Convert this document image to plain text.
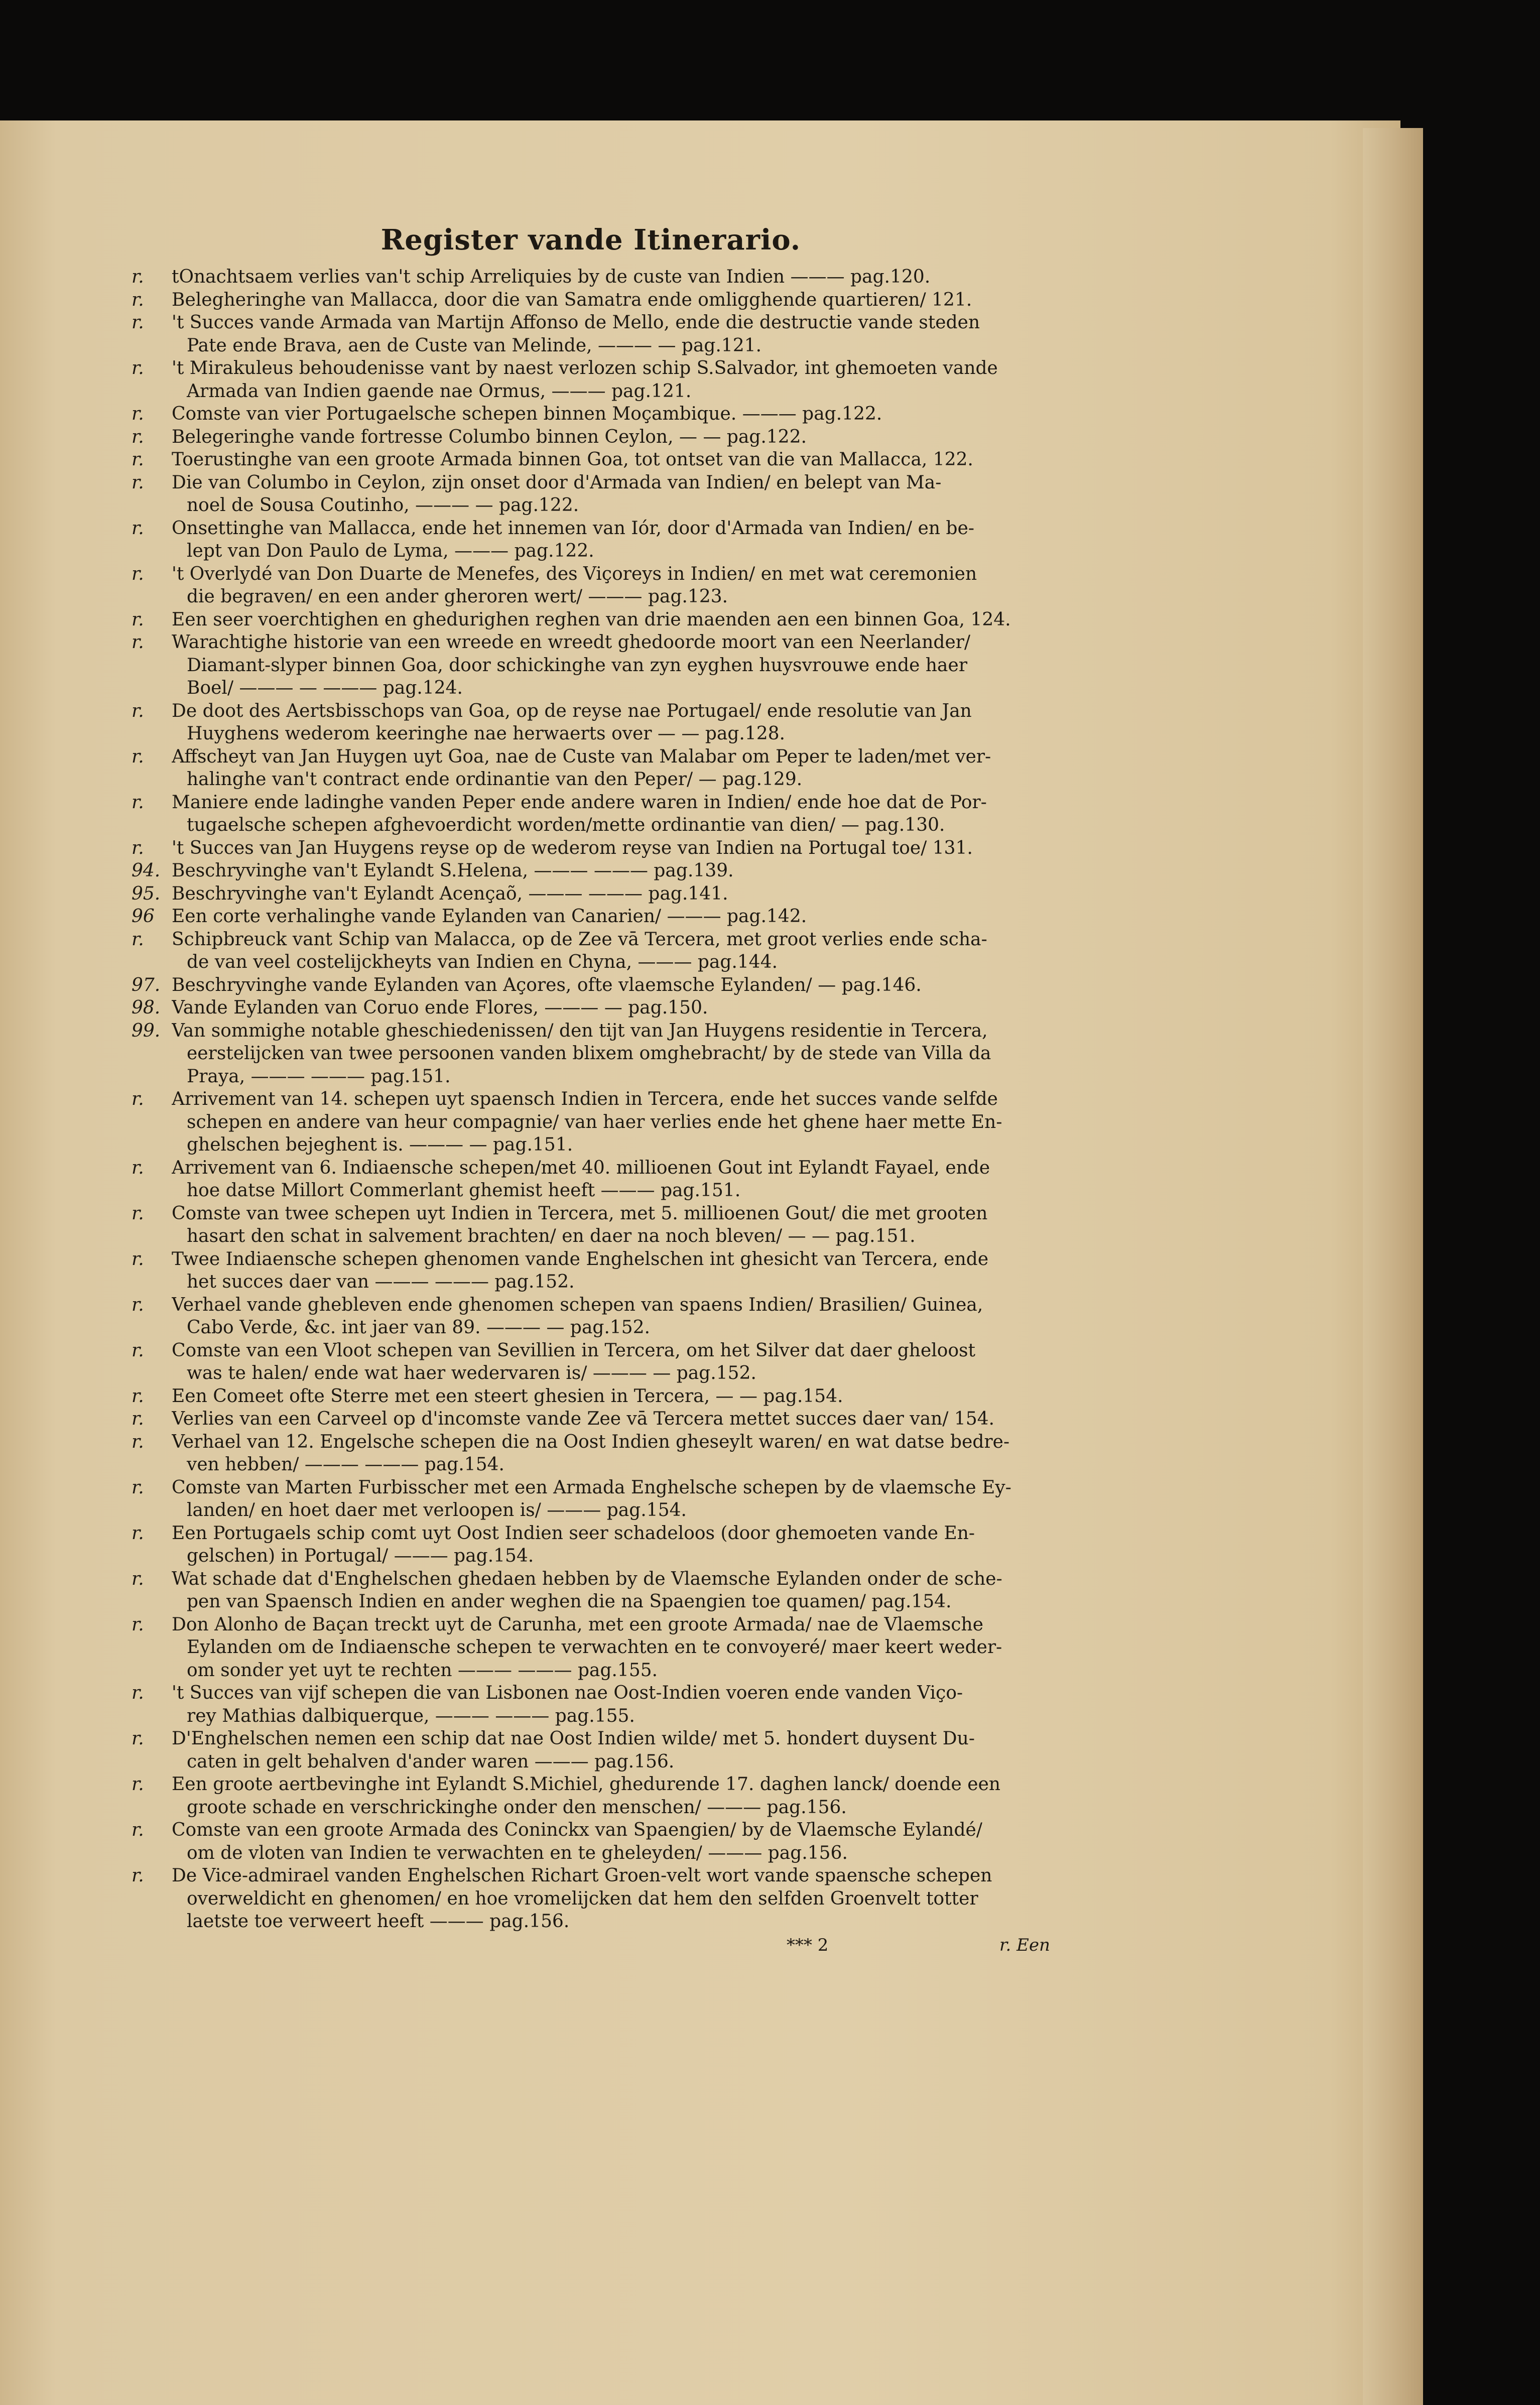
Register vande Itinerario.
r.	tOnachtsaem verlies van't schip Arreliquies by de custe van Indien ——— pag.120.
r.	Belegheringhe van Mallacca, door die van Samatra ende omligghende quartieren/ 121.
r.	't Succes vande Armada van Martijn Affonso de Mello, ende die destructie vande steden
Pate ende Brava, aen de Custe van Melinde, ——— — pag.121.
r.	't Mirakuleus behoudenisse vant by naest verlozen schip S.Salvador, int ghemoeten vande
Armada van Indien gaende nae Ormus, ——— pag.121.
r.	Comste van vier Portugaelsche schepen binnen Moçambique. ——— pag.122.
r.	Belegeringhe vande fortresse Columbo binnen Ceylon, — — pag.122.
r.	Toerustinghe van een groote Armada binnen Goa, tot ontset van die van Mallacca, 122.
r.	Die van Columbo in Ceylon, zijn onset door d'Armada van Indien/ en belept van Ma-
noel de Sousa Coutinho, ——— — pag.122.
r.	Onsettinghe van Mallacca, ende het innemen van Iór, door d'Armada van Indien/ en be-
lept van Don Paulo de Lyma, ——— pag.122.
r.	't Overlydé van Don Duarte de Menefes, des Viçoreys in Indien/ en met wat ceremonien
die begraven/ en een ander gheroren wert/ ——— pag.123.
r.	Een seer voerchtighen en ghedurighen reghen van drie maenden aen een binnen Goa, 124.
r.	Warachtighe historie van een wreede en wreedt ghedoorde moort van een Neerlander/
Diamant-slyper binnen Goa, door schickinghe van zyn eyghen huysvrouwe ende haer
Boel/ ——— — ——— pag.124.
r.	De doot des Aertsbisschops van Goa, op de reyse nae Portugael/ ende resolutie van Jan
Huyghens wederom keeringhe nae herwaerts over — — pag.128.
r.	Affscheyt van Jan Huygen uyt Goa, nae de Custe van Malabar om Peper te laden/met ver-
halinghe van't contract ende ordinantie van den Peper/ — pag.129.
r.	Maniere ende ladinghe vanden Peper ende andere waren in Indien/ ende hoe dat de Por-
tugaelsche schepen afghevoerdicht worden/mette ordinantie van dien/ — pag.130.
r.	't Succes van Jan Huygens reyse op de wederom reyse van Indien na Portugal toe/ 131.
94. Beschryvinghe van't Eylandt S.Helena, ——— ——— pag.139.
95. Beschryvinghe van't Eylandt Acençaõ, ——— ——— pag.141.
96 Een corte verhalinghe vande Eylanden van Canarien/ ——— pag.142.
r.	Schipbreuck vant Schip van Malacca, op de Zee vā Tercera, met groot verlies ende scha-
de van veel costelijckheyts van Indien en Chyna, ——— pag.144.
97. Beschryvinghe vande Eylanden van Açores, ofte vlaemsche Eylanden/ — pag.146.
98. Vande Eylanden van Coruo ende Flores, ——— — pag.150.
99. Van sommighe notable gheschiedenissen/ den tijt van Jan Huygens residentie in Tercera,
eerstelijcken van twee persoonen vanden blixem omghebracht/ by de stede van Villa da
Praya, ——— ——— pag.151.
r.	Arrivement van 14. schepen uyt spaensch Indien in Tercera, ende het succes vande selfde
schepen en andere van heur compagnie/ van haer verlies ende het ghene haer mette En-
ghelschen bejeghent is. ——— — pag.151.
r.	Arrivement van 6. Indiaensche schepen/met 40. millioenen Gout int Eylandt Fayael, ende
hoe datse Millort Commerlant ghemist heeft ——— pag.151.
r.	Comste van twee schepen uyt Indien in Tercera, met 5. millioenen Gout/ die met grooten
hasart den schat in salvement brachten/ en daer na noch bleven/ — — pag.151.
r.	Twee Indiaensche schepen ghenomen vande Enghelschen int ghesicht van Tercera, ende
het succes daer van ——— ——— pag.152.
r.	Verhael vande ghebleven ende ghenomen schepen van spaens Indien/ Brasilien/ Guinea,
Cabo Verde, &c. int jaer van 89. ——— — pag.152.
r.	Comste van een Vloot schepen van Sevillien in Tercera, om het Silver dat daer gheloost
was te halen/ ende wat haer wedervaren is/ ——— — pag.152.
r.	Een Comeet ofte Sterre met een steert ghesien in Tercera, — — pag.154.
r.	Verlies van een Carveel op d'incomste vande Zee vā Tercera mettet succes daer van/ 154.
r.	Verhael van 12. Engelsche schepen die na Oost Indien gheseylt waren/ en wat datse bedre-
ven hebben/ ——— ——— pag.154.
r.	Comste van Marten Furbisscher met een Armada Enghelsche schepen by de vlaemsche Ey-
landen/ en hoet daer met verloopen is/ ——— pag.154.
r.	Een Portugaels schip comt uyt Oost Indien seer schadeloos (door ghemoeten vande En-
gelschen) in Portugal/ ——— pag.154.
r.	Wat schade dat d'Enghelschen ghedaen hebben by de Vlaemsche Eylanden onder de sche-
pen van Spaensch Indien en ander weghen die na Spaengien toe quamen/ pag.154.
r.	Don Alonho de Baçan treckt uyt de Carunha, met een groote Armada/ nae de Vlaemsche
Eylanden om de Indiaensche schepen te verwachten en te convoyeré/ maer keert weder-
om sonder yet uyt te rechten ——— ——— pag.155.
r.	't Succes van vijf schepen die van Lisbonen nae Oost-Indien voeren ende vanden Viço-
rey Mathias dalbiquerque, ——— ——— pag.155.
r.	D'Enghelschen nemen een schip dat nae Oost Indien wilde/ met 5. hondert duysent Du-
caten in gelt behalven d'ander waren ——— pag.156.
r.	Een groote aertbevinghe int Eylandt S.Michiel, ghedurende 17. daghen lanck/ doende een
groote schade en verschrickinghe onder den menschen/ ——— pag.156.
r.	Comste van een groote Armada des Coninckx van Spaengien/ by de Vlaemsche Eylandé/
om de vloten van Indien te verwachten en te gheleyden/ ——— pag.156.
r.	De Vice-admirael vanden Enghelschen Richart Groen-velt wort vande spaensche schepen
overweldicht en ghenomen/ en hoe vromelijcken dat hem den selfden Groenvelt totter
laetste toe verweert heeft ——— pag.156.
*** 2	r. Een
